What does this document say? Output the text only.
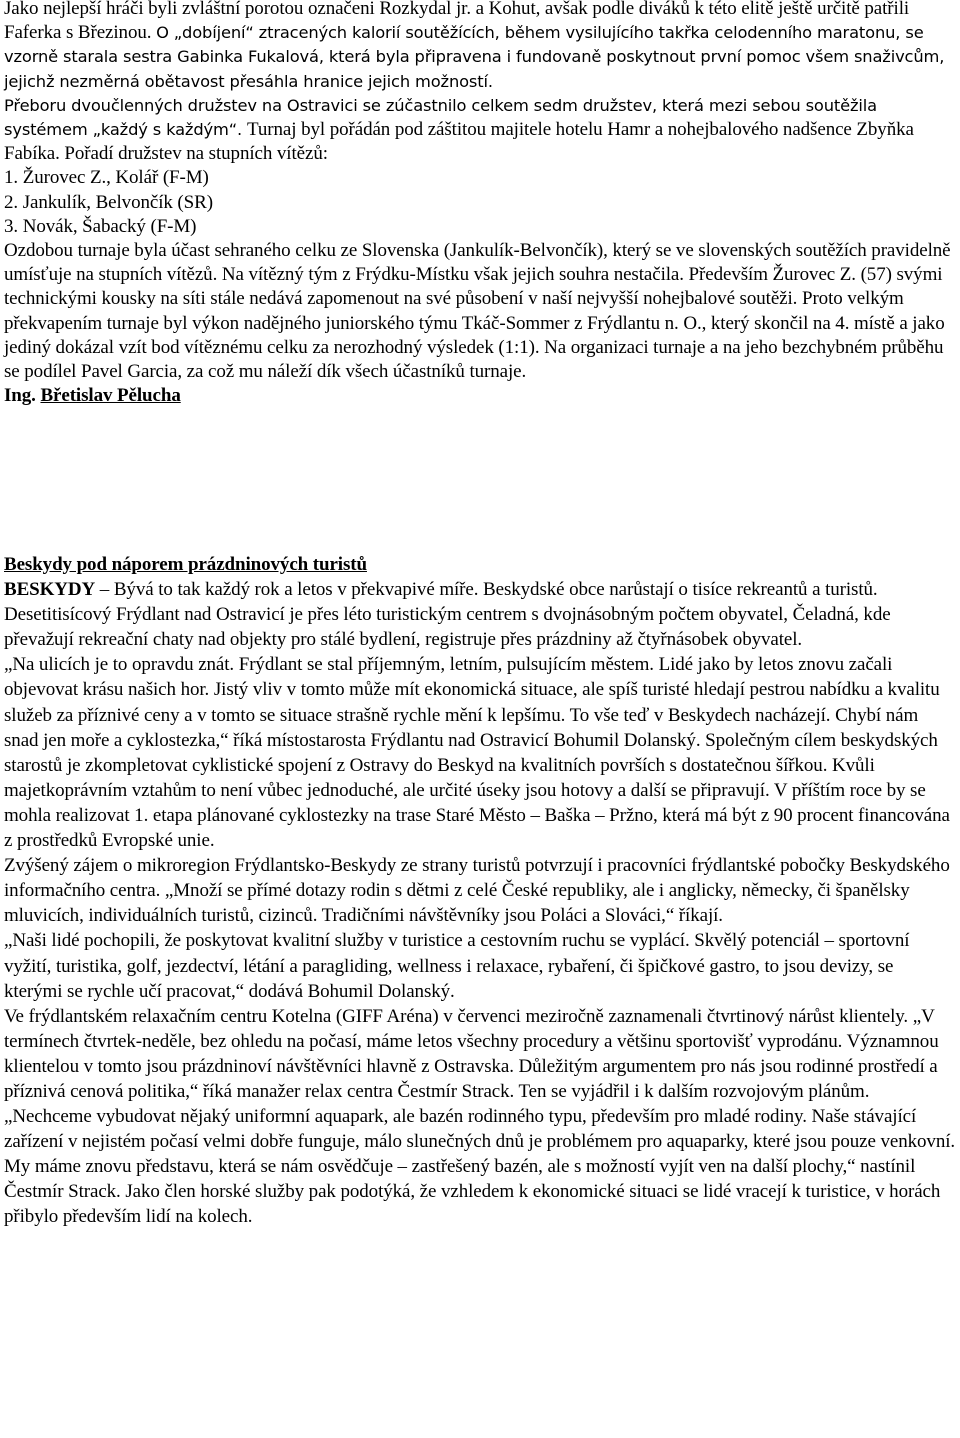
Jako nejlepší hráči byli zvláštní porotou označeni Rozkydal jr. a Kohut, avšak podle diváků k této elitě ještě určitě patřili Faferka s Březinou. O „dobíjení“ ztracených kalorií soutěžících, během vysilujícího takřka celodenního maratonu, se vzorně starala sestra Gabinka Fukalová, která byla připravena i fundovaně poskytnout první pomoc všem snaživcům, jejichž nezměrná obětavost přesáhla hranice jejich možností.

Přeboru dvoučlenných družstev na Ostravici se zúčastnilo celkem sedm družstev, která mezi sebou soutěžila systémem „každý s každým“. Turnaj byl pořádán pod záštitou majitele hotelu Hamr a nohejbalového nadšence Zbyňka Fabíka. Pořadí družstev na stupních vítězů:

1. Žurovec Z., Kolář (F-M)

2. Jankulík, Belvončík (SR)

3. Novák, Šabacký (F-M)

Ozdobou turnaje byla účast sehraného celku ze Slovenska (Jankulík-Belvončík), který se ve slovenských soutěžích pravidelně umísťuje na stupních vítězů. Na vítězný tým z Frýdku-Místku však jejich souhra nestačila. Především Žurovec Z. (57) svými technickými kousky na síti stále nedává zapomenout na své působení v naší nejvyšší nohejbalové soutěži. Proto velkým překvapením turnaje byl výkon nadějného juniorského týmu Tkáč-Sommer z Frýdlantu n. O., který skončil na 4. místě a jako jediný dokázal vzít bod vítěznému celku za nerozhodný výsledek (1:1). Na organizaci turnaje a na jeho bezchybném průběhu se podílel Pavel Garcia, za což mu náleží dík všech účastníků turnaje.

Ing. Břetislav Pělucha

Beskydy pod náporem prázdninových turistů

BESKYDY – Bývá to tak každý rok a letos v překvapivé míře. Beskydské obce narůstají o tisíce rekreantů a turistů. Desetitisícový Frýdlant nad Ostravicí je přes léto turistickým centrem s dvojnásobným počtem obyvatel, Čeladná, kde převažují rekreační chaty nad objekty pro stálé bydlení, registruje přes prázdniny až čtyřnásobek obyvatel.

„Na ulicích je to opravdu znát. Frýdlant se stal příjemným, letním, pulsujícím městem. Lidé jako by letos znovu začali objevovat krásu našich hor. Jistý vliv v tomto může mít ekonomická situace, ale spíš turisté hledají pestrou nabídku a kvalitu služeb za příznivé ceny a v tomto se situace strašně rychle mění k lepšímu. To vše teď v Beskydech nacházejí. Chybí nám snad jen moře a cyklostezka,“ říká místostarosta Frýdlantu nad Ostravicí Bohumil Dolanský. Společným cílem beskydských starostů je zkompletovat cyklistické spojení z Ostravy do Beskyd na kvalitních površích s dostatečnou šířkou. Kvůli majetkoprávním vztahům to není vůbec jednoduché, ale určité úseky jsou hotovy a další se připravují. V příštím roce by se mohla realizovat 1. etapa plánované cyklostezky na trase Staré Město – Baška – Pržno, která má být z 90 procent financována z prostředků Evropské unie.

Zvýšený zájem o mikroregion Frýdlantsko-Beskydy ze strany turistů potvrzují i pracovníci frýdlantské pobočky Beskydského informačního centra. „Množí se přímé dotazy rodin s dětmi z celé České republiky, ale i anglicky, německy, či španělsky mluvicích, individuálních turistů, cizinců. Tradičními návštěvníky jsou Poláci a Slováci,“ říkají.

„Naši lidé pochopili, že poskytovat kvalitní služby v turistice a cestovním ruchu se vyplácí. Skvělý potenciál – sportovní vyžití, turistika, golf, jezdectví, létání a paragliding, wellness i relaxace, rybaření, či špičkové gastro, to jsou devizy, se kterými se rychle učí pracovat,“ dodává Bohumil Dolanský.

Ve frýdlantském relaxačním centru Kotelna (GIFF Aréna) v červenci meziročně zaznamenali čtvrtinový nárůst klientely. „V termínech čtvrtek-neděle, bez ohledu na počasí, máme letos všechny procedury a většinu sportovišť vyprodánu. Významnou klientelou v tomto jsou prázdninoví návštěvníci hlavně z Ostravska. Důležitým argumentem pro nás jsou rodinné prostředí a příznivá cenová politika,“ říká manažer relax centra Čestmír Strack. Ten se vyjádřil i k dalším rozvojovým plánům. „Nechceme vybudovat nějaký uniformní aquapark, ale bazén rodinného typu, především pro mladé rodiny. Naše stávající zařízení v nejistém počasí velmi dobře funguje, málo slunečných dnů je problémem pro aquaparky, které jsou pouze venkovní. My máme znovu představu, která se nám osvědčuje – zastřešený bazén, ale s možností vyjít ven na další plochy,“ nastínil Čestmír Strack. Jako člen horské služby pak podotýká, že vzhledem k ekonomické situaci se lidé vracejí k turistice, v horách přibylo především lidí na kolech.
